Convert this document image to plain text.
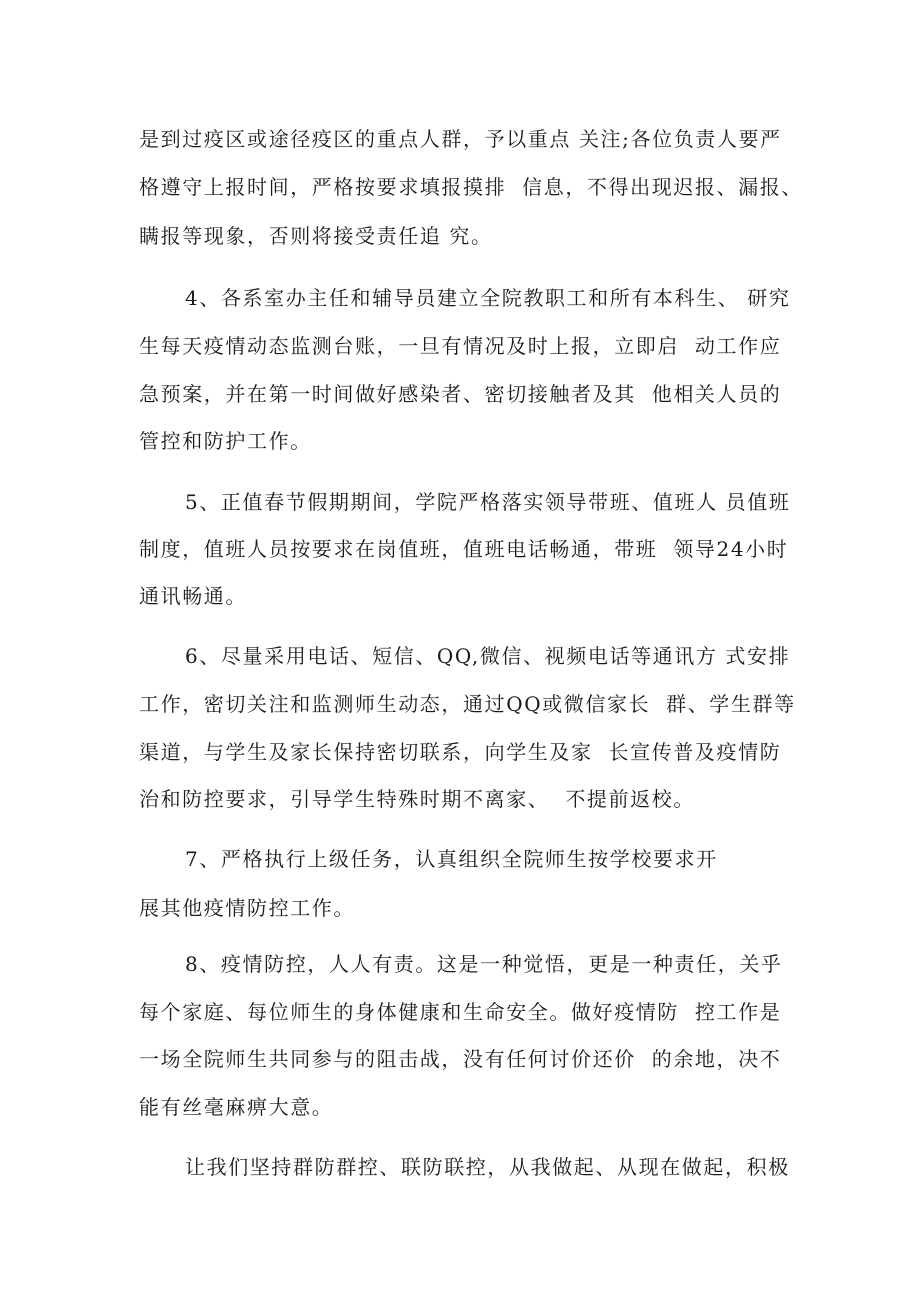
是到过疫区或途径疫区的重点人群，予以重点 关注;各位负责人要严
格遵守上报时间，严格按要求填报摸排  信息，不得出现迟报、漏报、
瞒报等现象，否则将接受责任追 究。
4、各系室办主任和辅导员建立全院教职工和所有本科生、 研究
生每天疫情动态监测台账，一旦有情况及时上报，立即启  动工作应
急预案，并在第一时间做好感染者、密切接触者及其  他相关人员的
管控和防护工作。
5、正值春节假期期间，学院严格落实领导带班、值班人 员值班
制度，值班人员按要求在岗值班，值班电话畅通，带班  领导24小时
通讯畅通。
6、尽量采用电话、短信、QQ,微信、视频电话等通讯方 式安排
工作，密切关注和监测师生动态，通过QQ或微信家长  群、学生群等
渠道，与学生及家长保持密切联系，向学生及家  长宣传普及疫情防
治和防控要求，引导学生特殊时期不离家、  不提前返校。
7、严格执行上级任务，认真组织全院师生按学校要求开
展其他疫情防控工作。
8、疫情防控，人人有责。这是一种觉悟，更是一种责任，关乎
每个家庭、每位师生的身体健康和生命安全。做好疫情防  控工作是
一场全院师生共同参与的阻击战，没有任何讨价还价  的余地，决不
能有丝毫麻痹大意。
让我们坚持群防群控、联防联控，从我做起、从现在做起，积极
